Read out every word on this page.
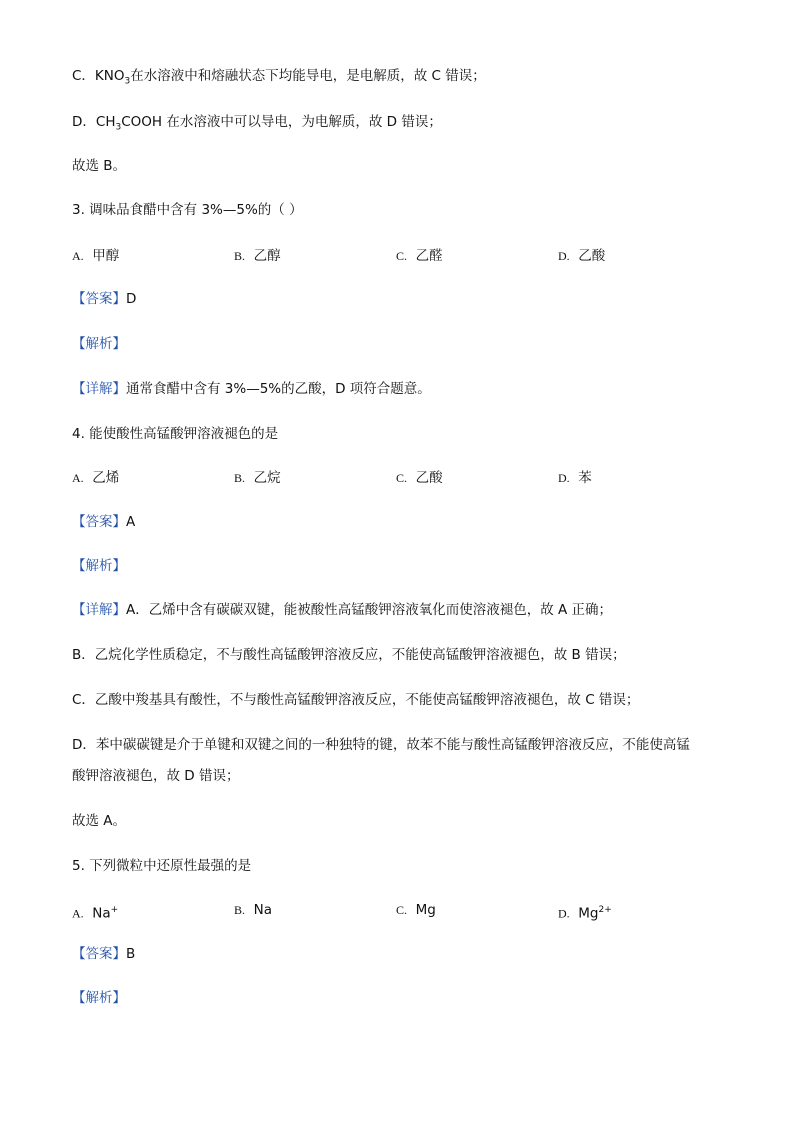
C．$KNO_3$在水溶液中和熔融状态下均能导电，是电解质，故 C 错误；
D．$CH_3COOH$ 在水溶液中可以导电，为电解质，故 D 错误；
故选 B。
3. 调味品食醋中含有 3%—5%的（ ）
A. 甲醇	B. 乙醇	C. 乙醛	D. 乙酸
【答案】D
【解析】
【详解】通常食醋中含有 3%—5%的乙酸，D 项符合题意。
4. 能使酸性高锰酸钾溶液褪色的是
A. 乙烯	B. 乙烷	C. 乙酸	D. 苯
【答案】A
【解析】
【详解】A．乙烯中含有碳碳双键，能被酸性高锰酸钾溶液氧化而使溶液褪色，故 A 正确；
B．乙烷化学性质稳定，不与酸性高锰酸钾溶液反应，不能使高锰酸钾溶液褪色，故 B 错误；
C．乙酸中羧基具有酸性，不与酸性高锰酸钾溶液反应，不能使高锰酸钾溶液褪色，故 C 错误；
D．苯中碳碳键是介于单键和双键之间的一种独特的键，故苯不能与酸性高锰酸钾溶液反应，不能使高锰
酸钾溶液褪色，故 D 错误；
故选 A。
5. 下列微粒中还原性最强的是
A. Na+	B. Na	C. Mg	D. $Mg^{2+}$
【答案】B
【解析】
